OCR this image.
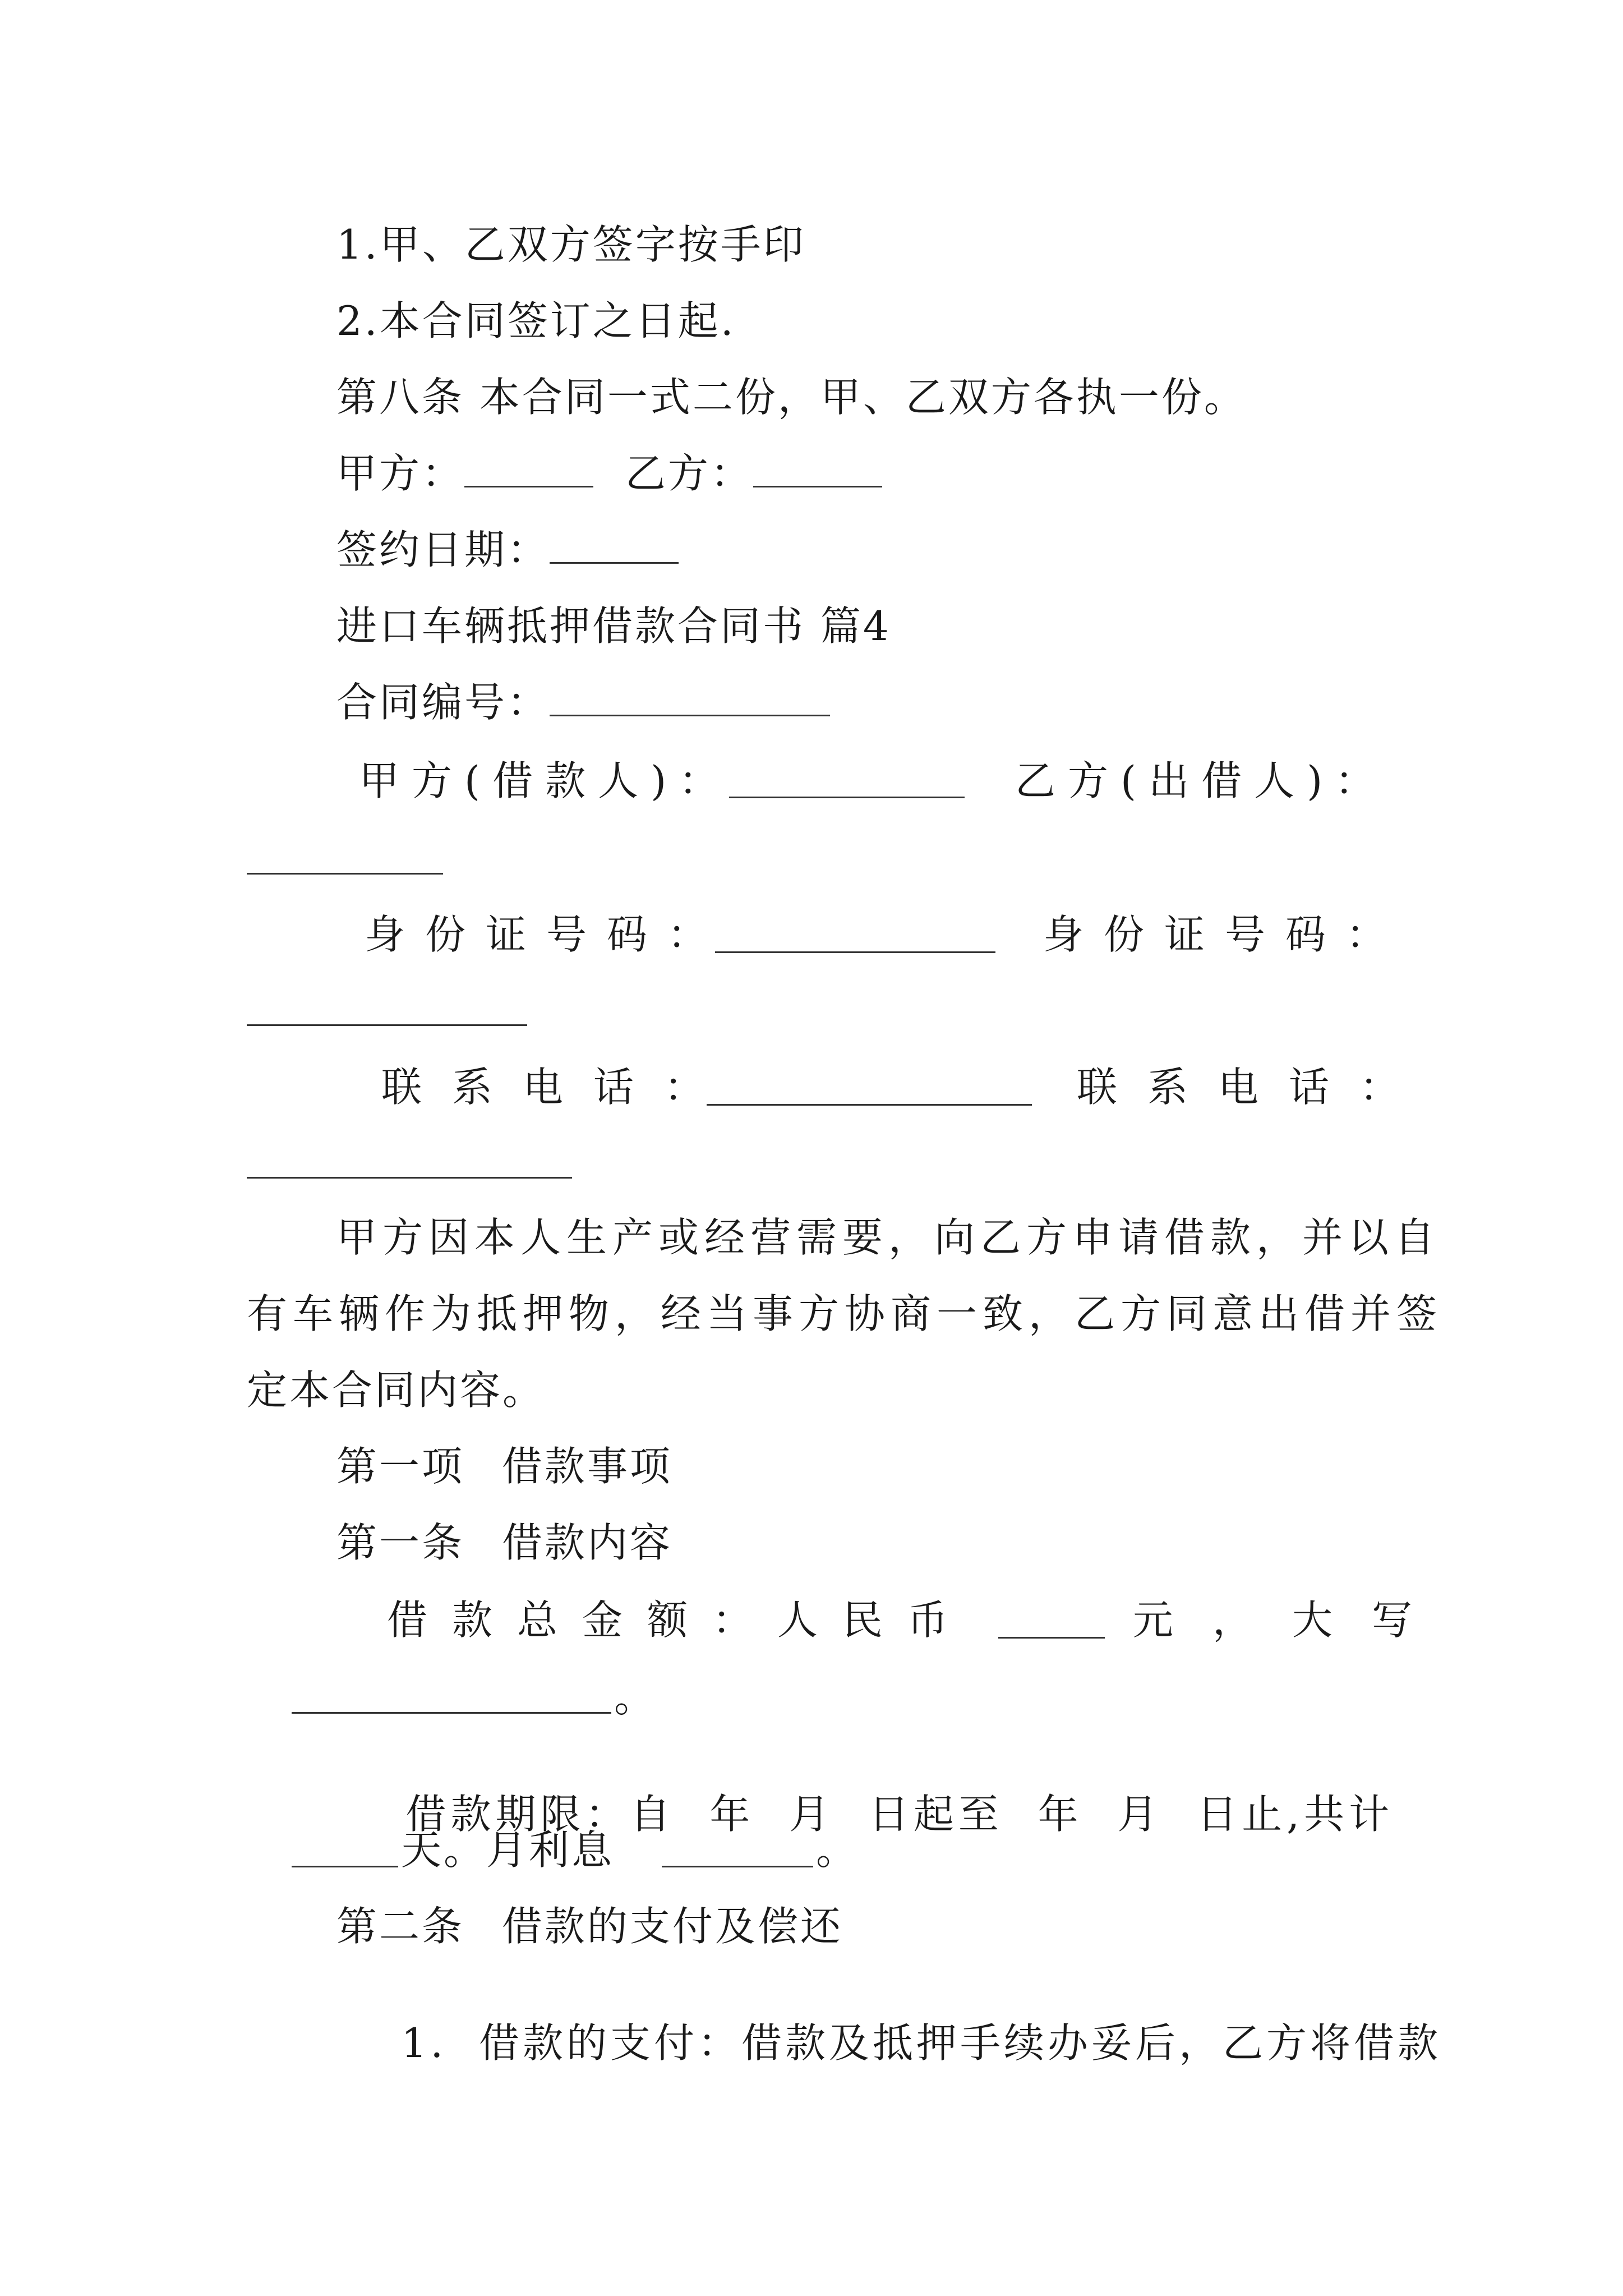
1.甲、乙双方签字按手印
2.本合同签订之日起.
第八条 本合同一式二份，甲、乙双方各执一份。
甲方：	乙方：
签约日期：
进口车辆抵押借款合同书 篇4
合同编号：
甲方(借款人)：	乙方(出借人)：
身份证号码：	身份证号码：
联系电话：	联系电话：
甲方因本人生产或经营需要，向乙方申请借款，并以自
有车辆作为抵押物，经当事方协商一致，乙方同意出借并签
定本合同内容。
第一项 借款事项
第一条 借款内容
借款总金额：人民币	元，大写
。

借款期限：自  年  月  日起至  年  月  日止,共计

天。月利息	。
第二条 借款的支付及偿还

1.  借款的支付：借款及抵押手续办妥后，乙方将借款
